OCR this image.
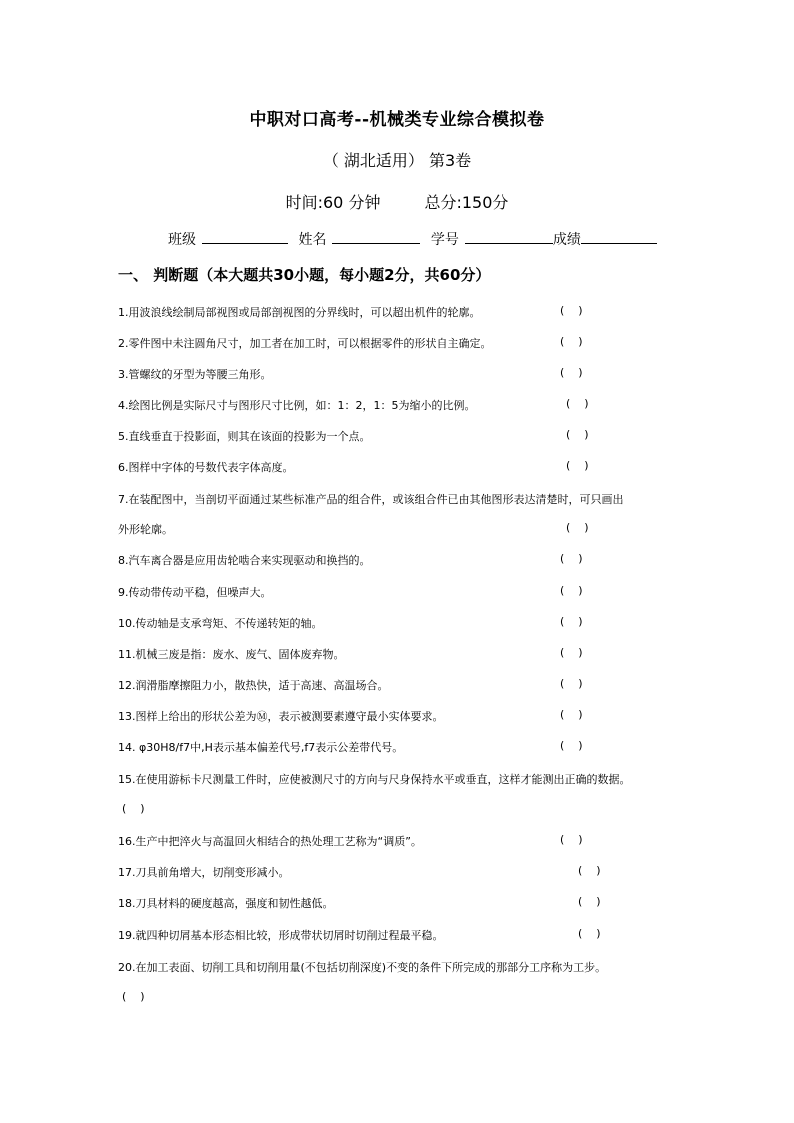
中职对口高考--机械类专业综合模拟卷
（ 湖北适用） 第3卷
时间:60 分钟	总分:150分
班级	姓名	学号	成绩
一、 判断题（本大题共30小题，每小题2分，共60分）
1.用波浪线绘制局部视图或局部剖视图的分界线时，可以超出机件的轮廓。	(    )
2.零件图中未注圆角尺寸，加工者在加工时，可以根据零件的形状自主确定。	(    )
3.管螺纹的牙型为等腰三角形。	(    )
4.绘图比例是实际尺寸与图形尺寸比例，如：1：2，1：5为缩小的比例。	(    )
5.直线垂直于投影面，则其在该面的投影为一个点。	(    )
6.图样中字体的号数代表字体高度。	(    )
7.在装配图中，当剖切平面通过某些标准产品的组合件，或该组合件已由其他图形表达清楚时，可只画出
外形轮廓。	(    )
8.汽车离合器是应用齿轮啮合来实现驱动和换挡的。	(    )
9.传动带传动平稳，但噪声大。	(    )
10.传动轴是支承弯矩、不传递转矩的轴。	(    )
11.机械三废是指：废水、废气、固体废弃物。	(    )
12.润滑脂摩擦阻力小，散热快，适于高速、高温场合。	(    )
13.图样上给出的形状公差为Ⓜ，表示被测要素遵守最小实体要求。	(    )
14. φ30H8/f7中,H表示基本偏差代号,f7表示公差带代号。	(    )
15.在使用游标卡尺测量工件时，应使被测尺寸的方向与尺身保持水平或垂直，这样才能测出正确的数据。
(    )
16.生产中把淬火与高温回火相结合的热处理工艺称为“调质”。	(    )
17.刀具前角增大，切削变形减小。	(    )
18.刀具材料的硬度越高，强度和韧性越低。	(    )
19.就四种切屑基本形态相比较，形成带状切屑时切削过程最平稳。	(    )
20.在加工表面、切削工具和切削用量(不包括切削深度)不变的条件下所完成的那部分工序称为工步。
(    )
